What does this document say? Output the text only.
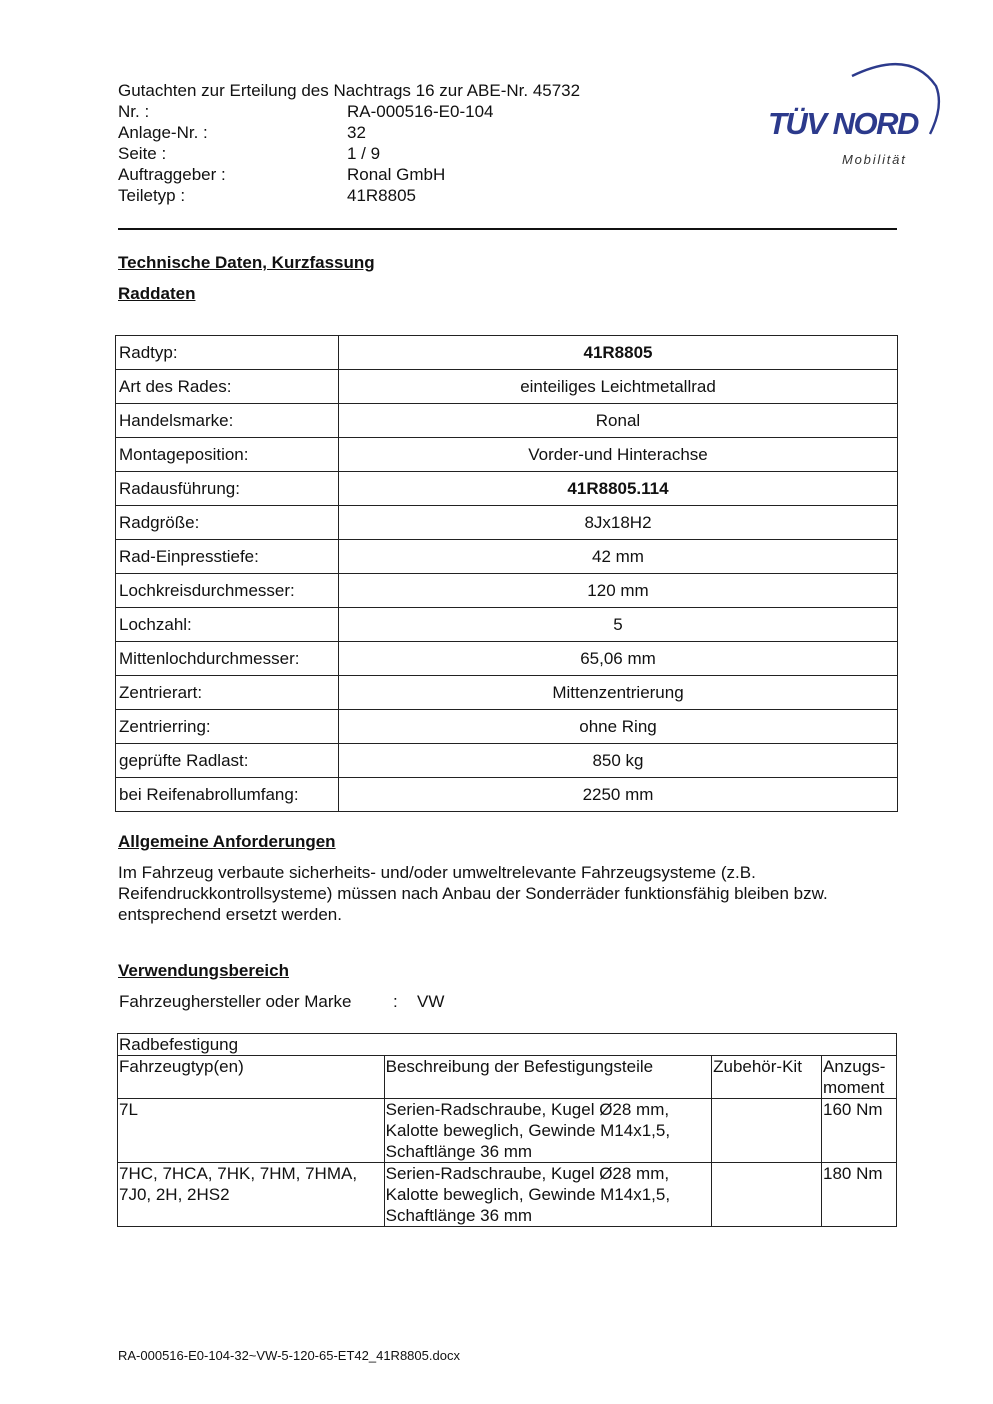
Gutachten zur Erteilung des Nachtrags 16 zur ABE-Nr. 45732
Nr. :	RA-000516-E0-104
Anlage-Nr. :	32
Seite :	1 / 9
Auftraggeber :	Ronal GmbH
Teiletyp :	41R8805
TÜV NORD
Mobilität
Technische Daten, Kurzfassung
Raddaten
Radtyp:	41R8805
Art des Rades:	einteiliges Leichtmetallrad
Handelsmarke:	Ronal
Montageposition:	Vorder-und Hinterachse
Radausführung:	41R8805.114
Radgröße:	8Jx18H2
Rad-Einpresstiefe:	42 mm
Lochkreisdurchmesser:	120 mm
Lochzahl:	5
Mittenlochdurchmesser:	65,06 mm
Zentrierart:	Mittenzentrierung
Zentrierring:	ohne Ring
geprüfte Radlast:	850 kg
bei Reifenabrollumfang:	2250 mm
Allgemeine Anforderungen
Im Fahrzeug verbaute sicherheits- und/oder umweltrelevante Fahrzeugsysteme (z.B.
Reifendruckkontrollsysteme) müssen nach Anbau der Sonderräder funktionsfähig bleiben bzw.
entsprechend ersetzt werden.
Verwendungsbereich
Fahrzeughersteller oder Marke	:	VW
Radbefestigung			
Fahrzeugtyp(en)	Beschreibung der Befestigungsteile	Zubehör-Kit	Anzugs-
moment
7L	Serien-Radschraube, Kugel Ø28 mm,
Kalotte beweglich, Gewinde M14x1,5,
Schaftlänge 36 mm		160 Nm
7HC, 7HCA, 7HK, 7HM, 7HMA,
7J0, 2H, 2HS2	Serien-Radschraube, Kugel Ø28 mm,
Kalotte beweglich, Gewinde M14x1,5,
Schaftlänge 36 mm		180 Nm
RA-000516-E0-104-32~VW-5-120-65-ET42_41R8805.docx
